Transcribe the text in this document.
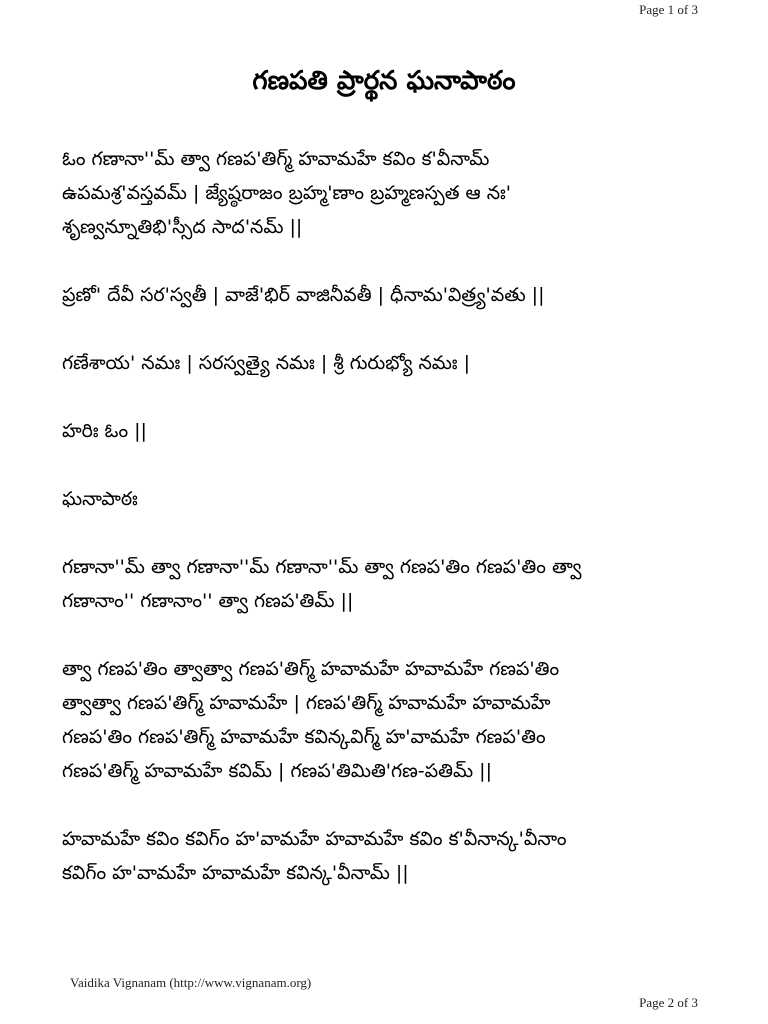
Page 1 of 3
గణపతి ప్రార్థన ఘనాపాఠం
ఓం గణానా''మ్ త్వా గణప'తిగ్మ్ హవామహే కవిం క'వీనామ్
ఉపమశ్ర'వస్తవమ్ | జ్యేష్ఠరాజం బ్రహ్మ'ణాం బ్రహ్మణస్పత ఆ నః'
శృణ్వన్నూతిభి'స్సీద సాద'నమ్ ||
ప్రణో' దేవీ సర'స్వతీ | వాజే'భిర్ వాజినీవతీ | ధీనామ'విత్ర్య'వతు ||
గణేశాయ' నమః | సరస్వత్యై నమః | శ్రీ గురుభ్యో నమః |
హరిః ఓం ||
ఘనాపాఠః
గణానా''మ్ త్వా గణానా''మ్ గణానా''మ్ త్వా గణప'తిం గణప'తిం త్వా
గణానాం'' గణానాం'' త్వా గణప'తిమ్ ||
త్వా గణప'తిం త్వాత్వా గణప'తిగ్మ్ హవామహే హవామహే గణప'తిం
త్వాత్వా గణప'తిగ్మ్ హవామహే | గణప'తిగ్మ్ హవామహే హవామహే
గణప'తిం గణప'తిగ్మ్ హవామహే కవిన్కవిగ్మ్ హ'వామహే గణప'తిం
గణప'తిగ్మ్ హవామహే కవిమ్ | గణప'తిమితి'గణ-పతిమ్ ||
హవామహే కవిం కవిగ్ం హ'వామహే హవామహే కవిం క'వీనాన్క'వీనాం
కవిగ్ం హ'వామహే హవామహే కవిన్క'వీనామ్ ||
Vaidika Vignanam (http://www.vignanam.org)
Page 2 of 3
